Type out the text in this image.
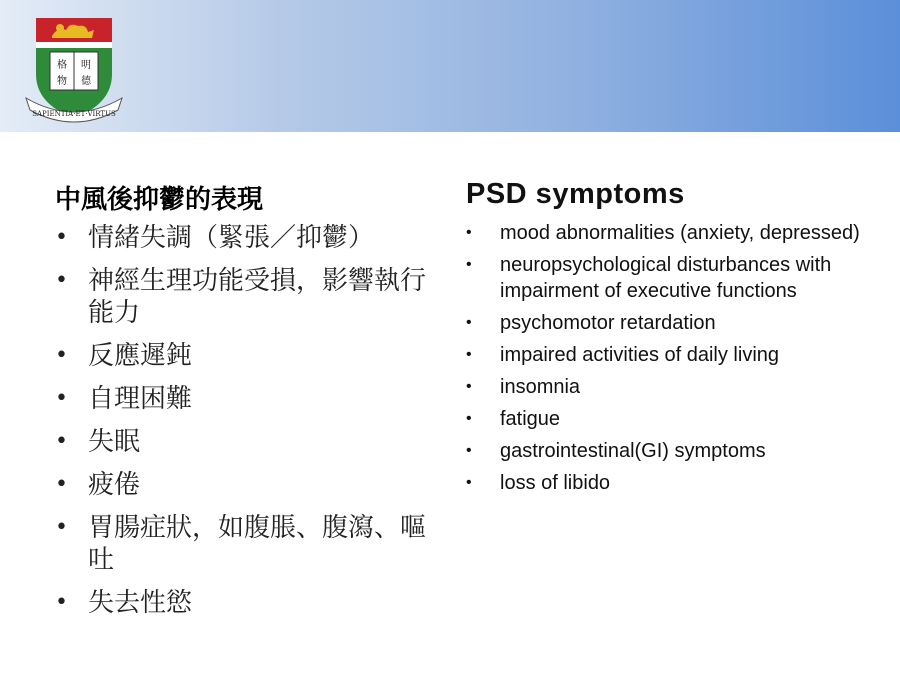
格 明
物 德
SAPIENTIA·ET·VIRTUS
中風後抑鬱的表現
• 情緒失調（緊張／抑鬱）
• 神經生理功能受損，影響執行能力
• 反應遲鈍
• 自理困難
• 失眠
• 疲倦
• 胃腸症狀，如腹脹、腹瀉、嘔吐
• 失去性慾
PSD symptoms
• mood abnormalities (anxiety, depressed)
• neuropsychological disturbances with impairment of executive functions
• psychomotor retardation
• impaired activities of daily living
• insomnia
• fatigue
• gastrointestinal(GI) symptoms
• loss of libido
